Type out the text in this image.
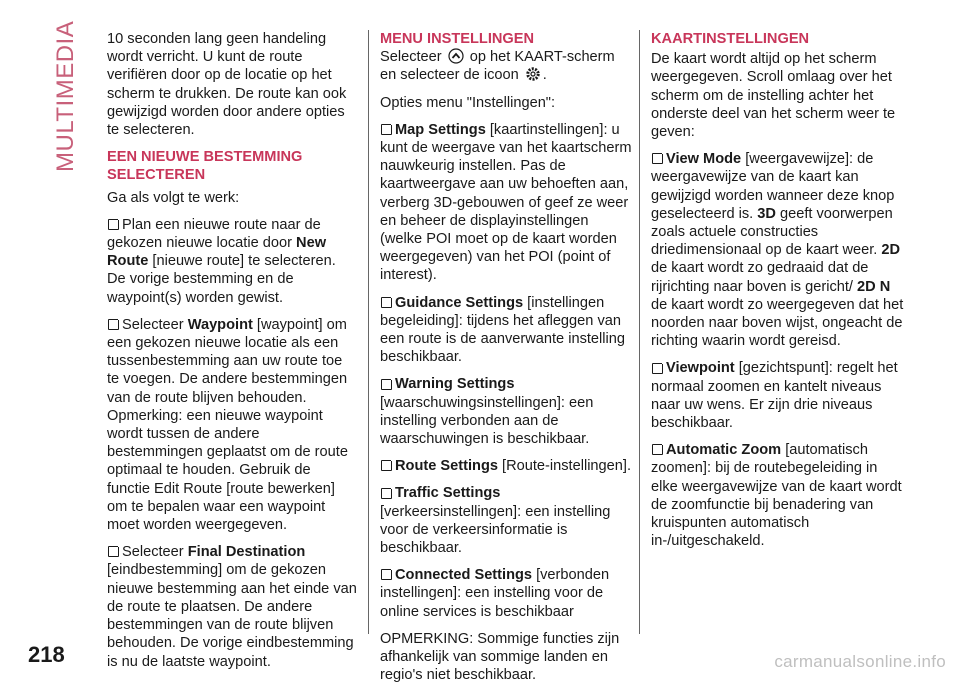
MULTIMEDIA 10 seconden lang geen handeling wordt verricht. U kunt de route verifiëren door op de locatie op het scherm te drukken. De route kan ook gewijzigd worden door andere opties te selecteren.

EEN NIEUWE BESTEMMING SELECTEREN

Ga als volgt te werk:

Plan een nieuwe route naar de gekozen nieuwe locatie door New Route [nieuwe route] te selecteren. De vorige bestemming en de waypoint(s) worden gewist.

Selecteer Waypoint [waypoint] om een gekozen nieuwe locatie als een tussenbestemming aan uw route toe te voegen. De andere bestemmingen van de route blijven behouden. Opmerking: een nieuwe waypoint wordt tussen de andere bestemmingen geplaatst om de route optimaal te houden. Gebruik de functie Edit Route [route bewerken] om te bepalen waar een waypoint moet worden weergegeven.

Selecteer Final Destination [eindbestemming] om de gekozen nieuwe bestemming aan het einde van de route te plaatsen. De andere bestemmingen van de route blijven behouden. De vorige eindbestemming is nu de laatste waypoint.

MENU INSTELLINGEN

Selecteer  op het KAART-scherm en selecteer de icoon .

Opties menu "Instellingen":

Map Settings [kaartinstellingen]: u kunt de weergave van het kaartscherm nauwkeurig instellen. Pas de kaartweergave aan uw behoeften aan, verberg 3D-gebouwen of geef ze weer en beheer de displayinstellingen (welke POI moet op de kaart worden weergegeven) van het POI (point of interest).

Guidance Settings [instellingen begeleiding]: tijdens het afleggen van een route is de aanverwante instelling beschikbaar.

Warning Settings [waarschuwingsinstellingen]: een instelling verbonden aan de waarschuwingen is beschikbaar.

Route Settings [Route-instellingen].

Traffic Settings [verkeersinstellingen]: een instelling voor de verkeersinformatie is beschikbaar.

Connected Settings [verbonden instellingen]: een instelling voor de online services is beschikbaar

OPMERKING: Sommige functies zijn afhankelijk van sommige landen en regio's niet beschikbaar.

KAARTINSTELLINGEN

De kaart wordt altijd op het scherm weergegeven. Scroll omlaag over het scherm om de instelling achter het onderste deel van het scherm weer te geven:

View Mode [weergavewijze]: de weergavewijze van de kaart kan gewijzigd worden wanneer deze knop geselecteerd is. 3D geeft voorwerpen zoals actuele constructies driedimensionaal op de kaart weer. 2D de kaart wordt zo gedraaid dat de rijrichting naar boven is gericht/ 2D N de kaart wordt zo weergegeven dat het noorden naar boven wijst, ongeacht de richting waarin wordt gereisd.

Viewpoint [gezichtspunt]: regelt het normaal zoomen en kantelt niveaus naar uw wens. Er zijn drie niveaus beschikbaar.

Automatic Zoom [automatisch zoomen]: bij de routebegeleiding in elke weergavewijze van de kaart wordt de zoomfunctie bij benadering van kruispunten automatisch in-/uitgeschakeld.

218	carmanualsonline.info
